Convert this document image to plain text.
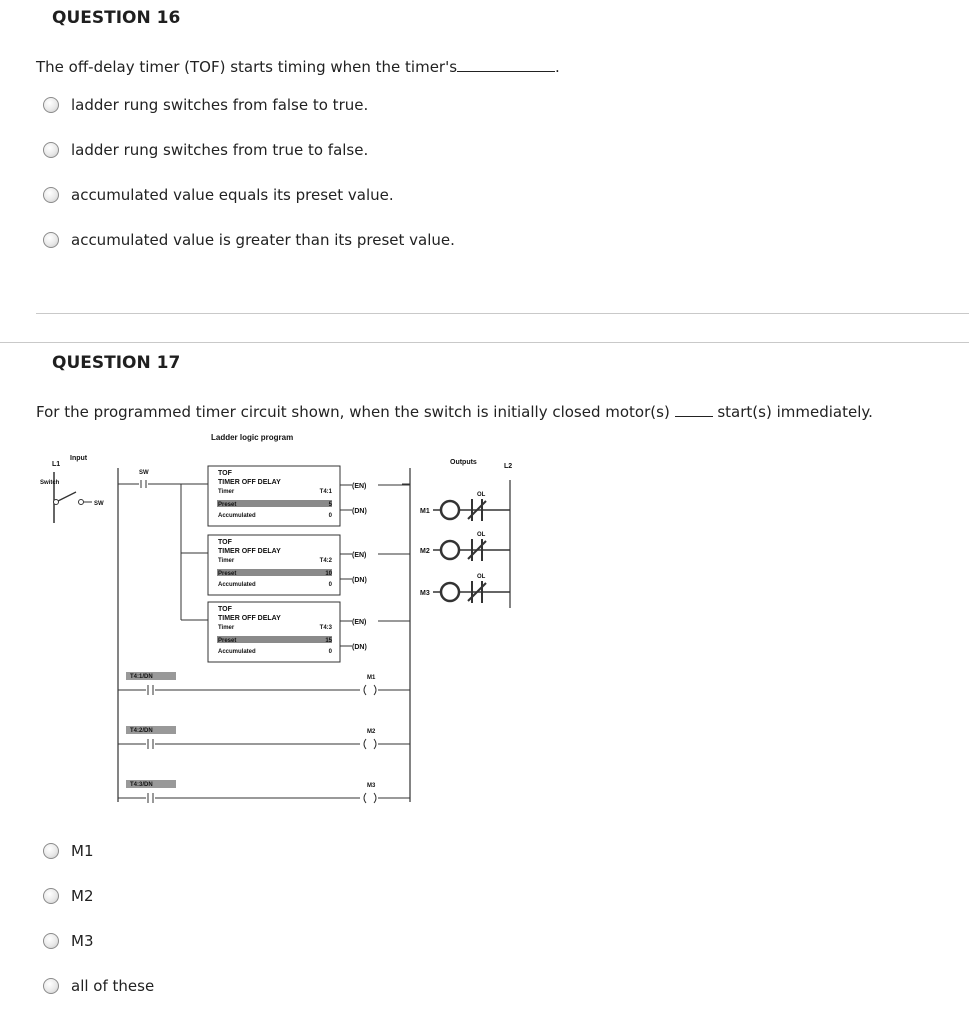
QUESTION 16
The off-delay timer (TOF) starts timing when the timer's	.
ladder rung switches from false to true.
ladder rung switches from true to false.
accumulated value equals its preset value.
accumulated value is greater than its preset value.
QUESTION 17
For the programmed timer circuit shown, when the switch is initially closed motor(s)	start(s) immediately.
Ladder logic program
L1
Input
Outputs
L2
Switch
SW
SW	TOF
TIMER OFF DELAY
Timer	T4:1
Preset	5
Accumulated	0
(EN)
(DN)
TOF
TIMER OFF DELAY
Timer	T4:2
Preset	10
Accumulated	0
(EN)
(DN)
TOF
TIMER OFF DELAY
Timer	T4:3
Preset	15
Accumulated	0
(EN)
(DN)
M1
OL
M2
OL
M3
OL
T4:1/DN	M1
T4:2/DN	M2
T4:3/DN	M3
M1
M2
M3
all of these
